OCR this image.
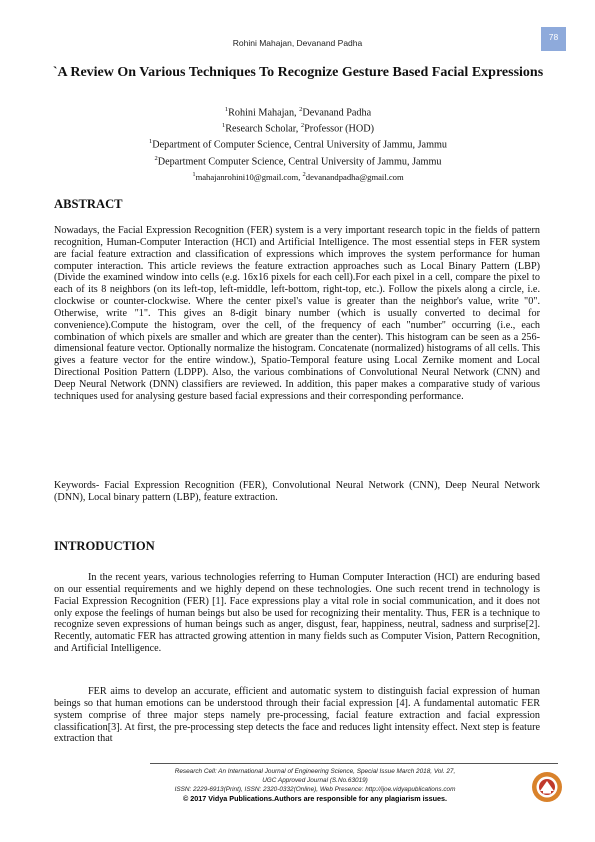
78
Rohini Mahajan, Devanand Padha
`A Review On Various Techniques To Recognize Gesture Based Facial Expressions
$^1$Rohini Mahajan, $^2$Devanand Padha
$^1$Research Scholar, $^2$Professor (HOD)
$^1$Department of Computer Science, Central University of Jammu, Jammu
$^2$Department Computer Science, Central University of Jammu, Jammu
$^1$mahajanrohini10@gmail.com, $^2$devanandpadha@gmail.com
ABSTRACT

Nowadays, the Facial Expression Recognition (FER) system is a very important research topic in the fields of pattern recognition, Human-Computer Interaction (HCI) and Artificial Intelligence. The most essential steps in FER system are facial feature extraction and classification of expressions which improves the system performance for human computer interaction. This article reviews the feature extraction approaches such as Local Binary Pattern (LBP) (Divide the examined window into cells (e.g. 16x16 pixels for each cell).For each pixel in a cell, compare the pixel to each of its 8 neighbors (on its left-top, left-middle, left-bottom, right-top, etc.). Follow the pixels along a circle, i.e. clockwise or counter-clockwise. Where the center pixel's value is greater than the neighbor's value, write "0". Otherwise, write "1". This gives an 8-digit binary number (which is usually converted to decimal for convenience).Compute the histogram, over the cell, of the frequency of each "number" occurring (i.e., each combination of which pixels are smaller and which are greater than the center). This histogram can be seen as a 256-dimensional feature vector. Optionally normalize the histogram. Concatenate (normalized) histograms of all cells. This gives a feature vector for the entire window.), Spatio-Temporal feature using Local Zernike moment and Local Directional Position Pattern (LDPP). Also, the various combinations of Convolutional Neural Network (CNN) and Deep Neural Network (DNN) classifiers are reviewed. In addition, this paper makes a comparative study of various techniques used for analysing gesture based facial expressions and their corresponding performance.

Keywords- Facial Expression Recognition (FER), Convolutional Neural Network (CNN), Deep Neural Network (DNN), Local binary pattern (LBP), feature extraction.

INTRODUCTION

In the recent years, various technologies referring to Human Computer Interaction (HCI) are enduring based on our essential requirements and we highly depend on these technologies. One such recent trend in technology is Facial Expression Recognition (FER) [1]. Face expressions play a vital role in social communication, and it does not only expose the feelings of human beings but also be used for recognizing their mentality. Thus, FER is a technique to recognize seven expressions of human beings such as anger, disgust, fear, happiness, neutral, sadness and surprise[2]. Recently, automatic FER has attracted growing attention in many fields such as Computer Vision, Pattern Recognition, and Artificial Intelligence.

FER aims to develop an accurate, efficient and automatic system to distinguish facial expression of human beings so that human emotions can be understood through their facial expression [4]. A fundamental automatic FER system comprise of three major steps namely pre-processing, facial feature extraction and facial expression classification[3]. At first, the pre-processing step detects the face and reduces light intensity effect. Next step is feature extraction that

Research Cell: An International Journal of Engineering Science, Special Issue March 2018, Vol. 27,
UGC Approved Journal (S.No.63019)
ISSN: 2229-6913(Print), ISSN: 2320-0332(Online), Web Presence: http://ijoe.vidyapublications.com
© 2017 Vidya Publications.Authors are responsible for any plagiarism issues.
